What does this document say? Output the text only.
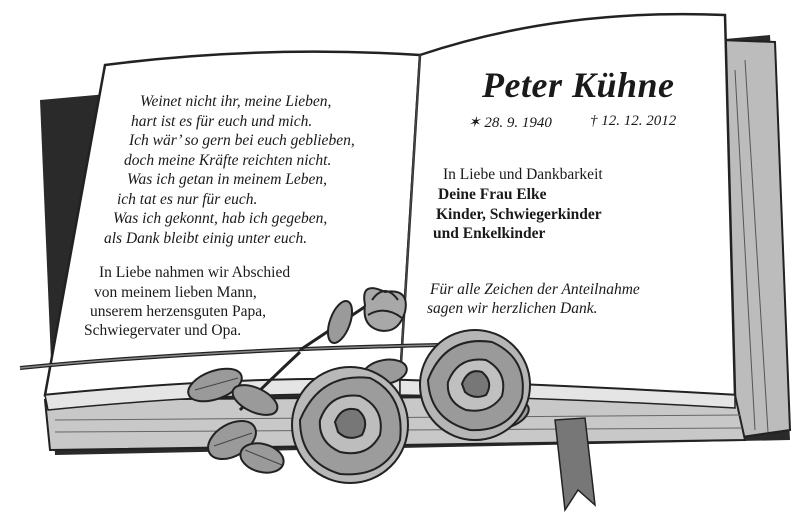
Weinet nicht ihr, meine Lieben,
hart ist es für euch und mich.
Ich wär’ so gern bei euch geblieben,
doch meine Kräfte reichten nicht.
Was ich getan in meinem Leben,
ich tat es nur für euch.
Was ich gekonnt, hab ich gegeben,
als Dank bleibt einig unter euch.
In Liebe nahmen wir Abschied
von meinem lieben Mann,
unserem herzensguten Papa,
Schwiegervater und Opa.
Peter Kühne
✶ 28. 9. 1940	† 12. 12. 2012
In Liebe und Dankbarkeit
Deine Frau Elke
Kinder, Schwiegerkinder
und Enkelkinder
Für alle Zeichen der Anteilnahme
sagen wir herzlichen Dank.
